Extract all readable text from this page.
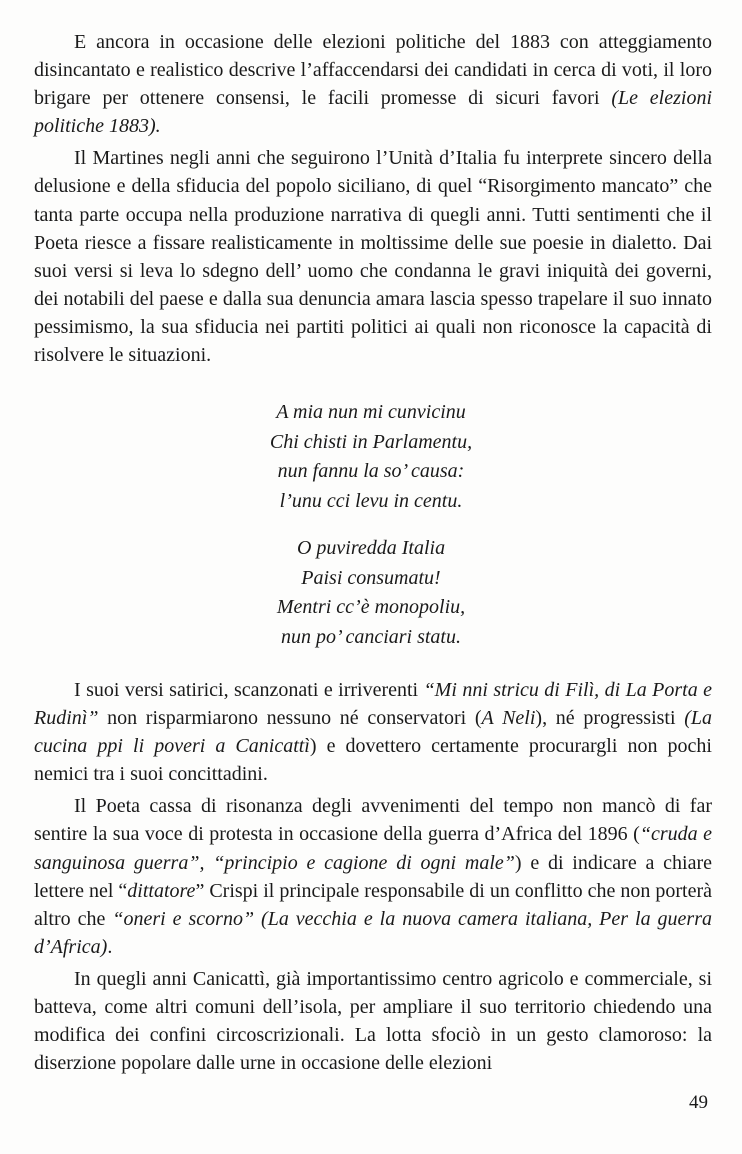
E ancora in occasione delle elezioni politiche del 1883 con atteggiamento disincantato e realistico descrive l’affaccendarsi dei candidati in cerca di voti, il loro brigare per ottenere consensi, le facili promesse di sicuri favori (Le elezioni politiche 1883).

Il Martines negli anni che seguirono l’Unità d’Italia fu interprete sincero della delusione e della sfiducia del popolo siciliano, di quel “Risorgimento mancato” che tanta parte occupa nella produzione narrativa di quegli anni. Tutti sentimenti che il Poeta riesce a fissare realisticamente in moltissime delle sue poesie in dialetto. Dai suoi versi si leva lo sdegno dell’ uomo che condanna le gravi iniquità dei governi, dei notabili del paese e dalla sua denuncia amara lascia spesso trapelare il suo innato pessimismo, la sua sfiducia nei partiti politici ai quali non riconosce la capacità di risolvere le situazioni.

A mia nun mi cunvicinu
Chi chisti in Parlamentu,
nun fannu la so’ causa:
l’unu cci levu in centu.
O puviredda Italia
Paisi consumatu!
Mentri cc’è monopoliu,
nun po’ canciari statu.

I suoi versi satirici, scanzonati e irriverenti “Mi nni stricu di Filì, di La Porta e Rudinì” non risparmiarono nessuno né conservatori (A Neli), né progressisti (La cucina ppi li poveri a Canicattì) e dovettero certamente procurargli non pochi nemici tra i suoi concittadini.

Il Poeta cassa di risonanza degli avvenimenti del tempo non mancò di far sentire la sua voce di protesta in occasione della guerra d’Africa del 1896 (“cruda e sanguinosa guerra”, “principio e cagione di ogni male”) e di indicare a chiare lettere nel “dittatore” Crispi il principale responsabile di un conflitto che non porterà altro che “oneri e scorno” (La vecchia e la nuova camera italiana, Per la guerra d’Africa).

In quegli anni Canicattì, già importantissimo centro agricolo e commerciale, si batteva, come altri comuni dell’isola, per ampliare il suo territorio chiedendo una modifica dei confini circoscrizionali. La lotta sfociò in un gesto clamoroso: la diserzione popolare dalle urne in occasione delle elezioni

49
